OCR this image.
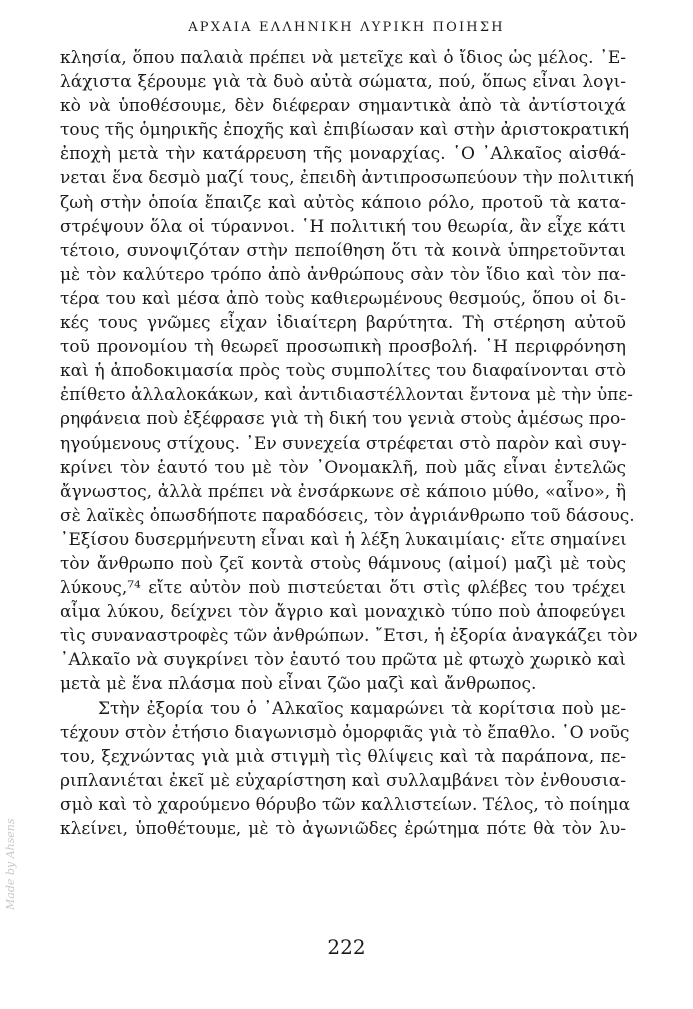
ΑΡΧΑΙΑ ΕΛΛΗΝΙΚΗ ΛΥΡΙΚΗ ΠΟΙΗΣΗ
κλησία, ὅπου παλαιὰ πρέπει νὰ μετεῖχε καὶ ὁ ἴδιος ὡς μέλος. ᾿Ε-
λάχιστα ξέρουμε γιὰ τὰ δυὸ αὐτὰ σώματα, πού, ὅπως εἶναι λογι-
κὸ νὰ ὑποθέσουμε, δὲν διέφεραν σημαντικὰ ἀπὸ τὰ ἀντίστοιχά
τους τῆς ὁμηρικῆς ἐποχῆς καὶ ἐπιβίωσαν καὶ στὴν ἀριστοκρατική
ἐποχὴ μετὰ τὴν κατάρρευση τῆς μοναρχίας. ῾Ο ᾿Αλκαῖος αἰσθά-
νεται ἕνα δεσμὸ μαζί τους, ἐπειδὴ ἀντιπροσωπεύουν τὴν πολιτική
ζωὴ στὴν ὁποία ἔπαιζε καὶ αὐτὸς κάποιο ρόλο, προτοῦ τὰ κατα-
στρέψουν ὅλα οἱ τύραννοι. ῾Η πολιτική του θεωρία, ἂν εἶχε κάτι
τέτοιο, συνοψιζόταν στὴν πεποίθηση ὅτι τὰ κοινὰ ὑπηρετοῦνται
μὲ τὸν καλύτερο τρόπο ἀπὸ ἀνθρώπους σὰν τὸν ἴδιο καὶ τὸν πα-
τέρα του καὶ μέσα ἀπὸ τοὺς καθιερωμένους θεσμούς, ὅπου οἱ δι-
κές τους γνῶμες εἶχαν ἰδιαίτερη βαρύτητα. Τὴ στέρηση αὐτοῦ
τοῦ προνομίου τὴ θεωρεῖ προσωπικὴ προσβολή. ῾Η περιφρόνηση
καὶ ἡ ἀποδοκιμασία πρὸς τοὺς συμπολίτες του διαφαίνονται στὸ
ἐπίθετο ἀλλαλοκάκων, καὶ ἀντιδιαστέλλονται ἔντονα μὲ τὴν ὑπε-
ρηφάνεια ποὺ ἐξέφρασε γιὰ τὴ δική του γενιὰ στοὺς ἀμέσως προ-
ηγούμενους στίχους. ᾿Εν συνεχεία στρέφεται στὸ παρὸν καὶ συγ-
κρίνει τὸν ἑαυτό του μὲ τὸν ᾿Ονομακλῆ, ποὺ μᾶς εἶναι ἐντελῶς
ἄγνωστος, ἀλλὰ πρέπει νὰ ἐνσάρκωνε σὲ κάποιο μύθο, «αἶνο», ἢ
σὲ λαϊκὲς ὁπωσδήποτε παραδόσεις, τὸν ἀγριάνθρωπο τοῦ δάσους.
᾿Εξίσου δυσερμήνευτη εἶναι καὶ ἡ λέξη λυκαιμίαις· εἴτε σημαίνει
τὸν ἄνθρωπο ποὺ ζεῖ κοντὰ στοὺς θάμνους (αἱμοί) μαζὶ μὲ τοὺς
λύκους,⁷⁴ εἴτε αὐτὸν ποὺ πιστεύεται ὅτι στὶς φλέβες του τρέχει
αἷμα λύκου, δείχνει τὸν ἄγριο καὶ μοναχικὸ τύπο ποὺ ἀποφεύγει
τὶς συναναστροφὲς τῶν ἀνθρώπων. ῎Ετσι, ἡ ἐξορία ἀναγκάζει τὸν
᾿Αλκαῖο νὰ συγκρίνει τὸν ἑαυτό του πρῶτα μὲ φτωχὸ χωρικὸ καὶ
μετὰ μὲ ἕνα πλάσμα ποὺ εἶναι ζῶο μαζὶ καὶ ἄνθρωπος.
Στὴν ἐξορία του ὁ ᾿Αλκαῖος καμαρώνει τὰ κορίτσια ποὺ με-
τέχουν στὸν ἐτήσιο διαγωνισμὸ ὀμορφιᾶς γιὰ τὸ ἔπαθλο. ῾Ο νοῦς
του, ξεχνώντας γιὰ μιὰ στιγμὴ τὶς θλίψεις καὶ τὰ παράπονα, πε-
ριπλανιέται ἐκεῖ μὲ εὐχαρίστηση καὶ συλλαμβάνει τὸν ἐνθουσια-
σμὸ καὶ τὸ χαρούμενο θόρυβο τῶν καλλιστείων. Τέλος, τὸ ποίημα
κλείνει, ὑποθέτουμε, μὲ τὸ ἀγωνιῶδες ἐρώτημα πότε θὰ τὸν λυ-
222
Made by Ahsens
